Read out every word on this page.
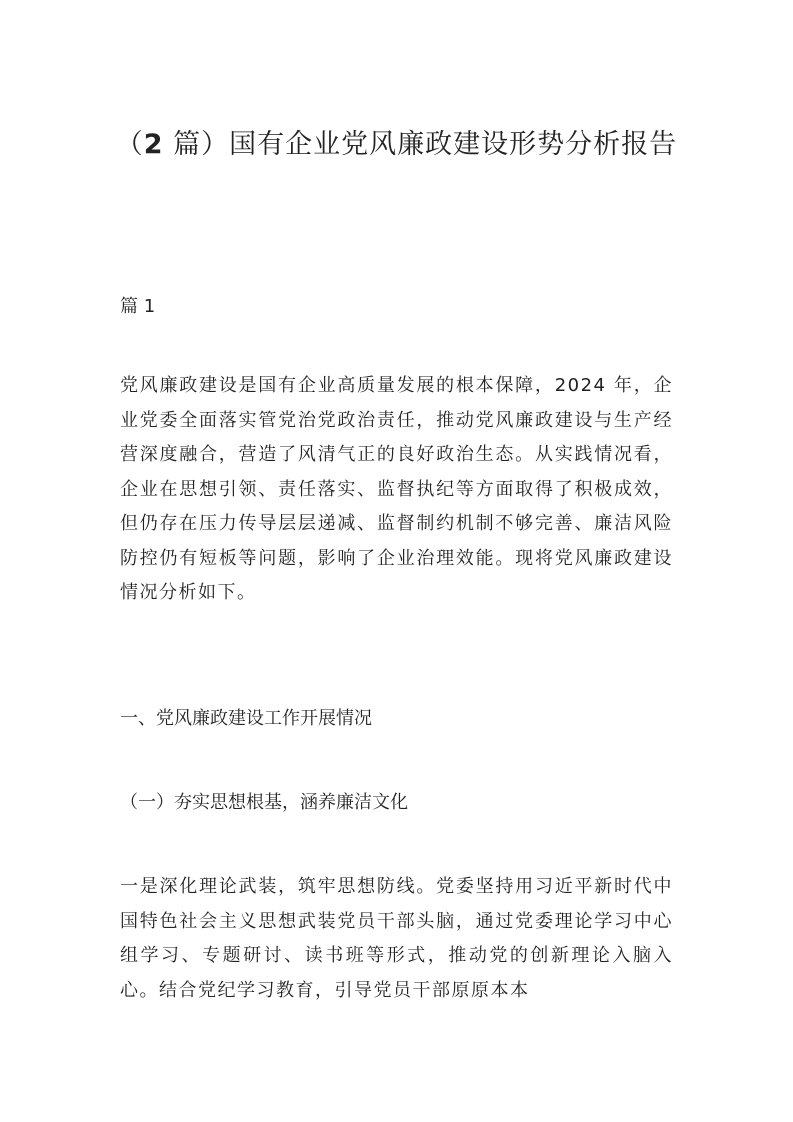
（2 篇）国有企业党风廉政建设形势分析报告

篇 1

党风廉政建设是国有企业高质量发展的根本保障，2024 年，企业党委全面落实管党治党政治责任，推动党风廉政建设与生产经营深度融合，营造了风清气正的良好政治生态。从实践情况看，企业在思想引领、责任落实、监督执纪等方面取得了积极成效，但仍存在压力传导层层递减、监督制约机制不够完善、廉洁风险防控仍有短板等问题，影响了企业治理效能。现将党风廉政建设情况分析如下。

一、党风廉政建设工作开展情况

（一）夯实思想根基，涵养廉洁文化

一是深化理论武装，筑牢思想防线。党委坚持用习近平新时代中国特色社会主义思想武装党员干部头脑，通过党委理论学习中心组学习、专题研讨、读书班等形式，推动党的创新理论入脑入心。结合党纪学习教育，引导党员干部原原本本
